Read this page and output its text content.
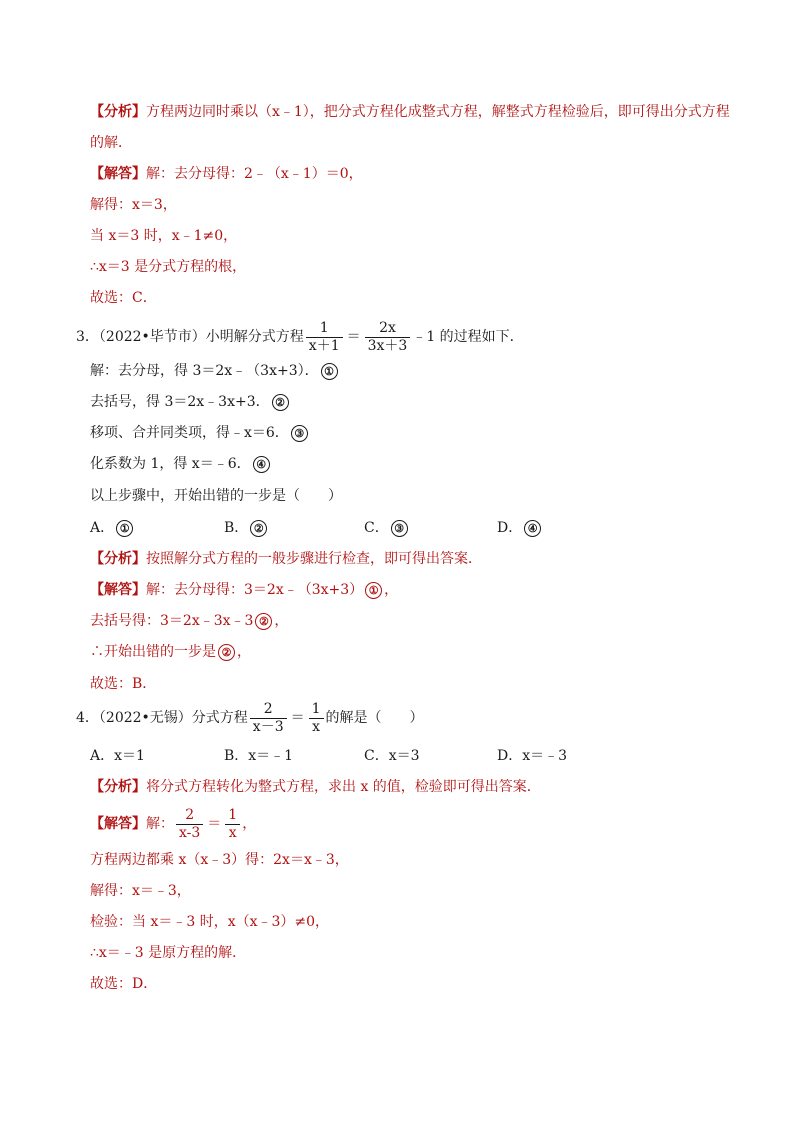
【分析】方程两边同时乘以（x﹣1），把分式方程化成整式方程，解整式方程检验后，即可得出分式方程
的解．
【解答】解：去分母得：2﹣（x﹣1）＝0，
解得：x＝3，
当 x＝3 时，x﹣1≠0，
∴x＝3 是分式方程的根，
故选：C．
3．（2022•毕节市）小明解分式方程 $\frac{1}{x+1} = \frac{2x}{3x+3}$ ﹣1 的过程如下．
解：去分母，得 3＝2x﹣（3x+3）． ①
去括号，得 3＝2x﹣3x+3． ②
移项、合并同类项，得﹣x＝6． ③
化系数为 1，得 x＝﹣6． ④
以上步骤中，开始出错的一步是（　　）
A． ①	B． ②	C． ③	D． ④
【分析】按照解分式方程的一般步骤进行检查，即可得出答案．
【解答】解：去分母得：3＝2x﹣（3x+3） ① ，
去括号得：3＝2x﹣3x﹣3 ② ，
∴开始出错的一步是 ② ，
故选：B．
4．（2022•无锡）分式方程 $\frac{2}{x-3} = \frac{1}{x}$ 的解是（　　）
A．x＝1	B．x＝﹣1	C．x＝3	D．x＝﹣3
【分析】将分式方程转化为整式方程，求出 x 的值，检验即可得出答案．
【解答】解： $\frac{2}{x-3} = \frac{1}{x}$ ，
方程两边都乘 x（x﹣3）得：2x＝x﹣3，
解得：x＝﹣3，
检验：当 x＝﹣3 时，x（x﹣3）≠0，
∴x＝﹣3 是原方程的解．
故选：D．
